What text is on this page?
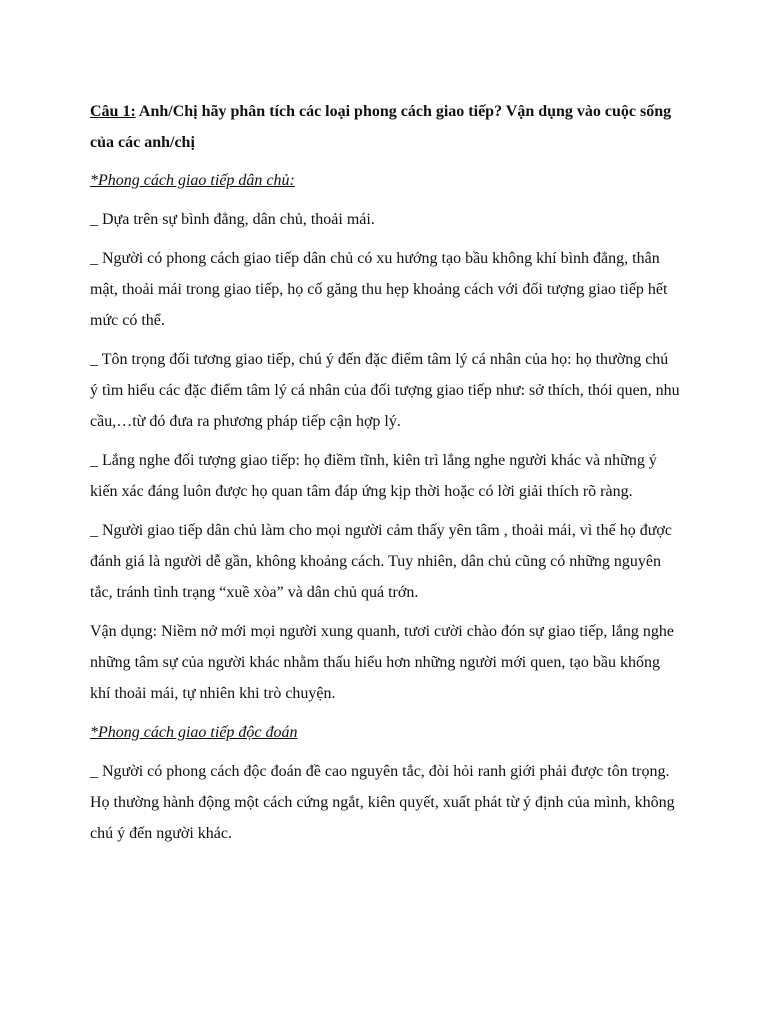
Câu 1: Anh/Chị hãy phân tích các loại phong cách giao tiếp? Vận dụng vào cuộc sống của các anh/chị

*Phong cách giao tiếp dân chủ:

_ Dựa trên sự bình đẳng, dân chủ, thoải mái.

_ Người có phong cách giao tiếp dân chủ có xu hướng tạo bầu không khí bình đẳng, thân mật, thoải mái trong giao tiếp, họ cố găng thu hẹp khoảng cách với đối tượng giao tiếp hết mức có thể.

_ Tôn trọng đối tương giao tiếp, chú ý đến đặc điểm tâm lý cá nhân của họ: họ thường chú ý tìm hiểu các đặc điểm tâm lý cá nhân của đối tượng giao tiếp như: sở thích, thói quen, nhu cầu,…từ đó đưa ra phương pháp tiếp cận hợp lý.

_ Lắng nghe đối tượng giao tiếp: họ điềm tĩnh, kiên trì lắng nghe người khác và những ý kiến xác đáng luôn được họ quan tâm đáp ứng kịp thời hoặc có lời giải thích rõ ràng.

_ Người giao tiếp dân chủ làm cho mọi người cảm thấy yên tâm , thoải mái, vì thế họ được đánh giá là người dễ gần, không khoảng cách. Tuy nhiên, dân chủ cũng có những nguyên tắc, tránh tình trạng “xuề xòa” và dân chủ quá trớn.

Vận dụng: Niềm nở mới mọi người xung quanh, tươi cười chào đón sự giao tiếp, lắng nghe những tâm sự của người khác nhằm thấu hiểu hơn những người mới quen, tạo bầu khống khí thoải mái, tự nhiên khi trò chuyện.

*Phong cách giao tiếp độc đoán

_ Người có phong cách độc đoán đề cao nguyên tắc, đòi hỏi ranh giới phải được tôn trọng. Họ thường hành động một cách cứng ngắt, kiên quyết, xuất phát từ ý định của mình, không chú ý đến người khác.
